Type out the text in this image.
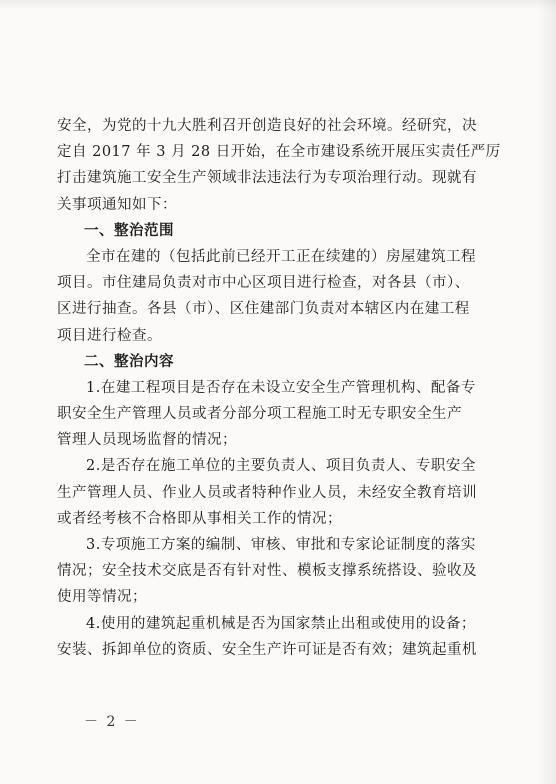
安全，为党的十九大胜利召开创造良好的社会环境。经研究，决
定自 2017 年 3 月 28 日开始，在全市建设系统开展压实责任严厉
打击建筑施工安全生产领域非法违法行为专项治理行动。现就有
关事项通知如下：
一、整治范围
全市在建的（包括此前已经开工正在续建的）房屋建筑工程
项目。市住建局负责对市中心区项目进行检查，对各县（市）、
区进行抽查。各县（市）、区住建部门负责对本辖区内在建工程
项目进行检查。
二、整治内容
1.在建工程项目是否存在未设立安全生产管理机构、配备专
职安全生产管理人员或者分部分项工程施工时无专职安全生产
管理人员现场监督的情况；
2.是否存在施工单位的主要负责人、项目负责人、专职安全
生产管理人员、作业人员或者特种作业人员，未经安全教育培训
或者经考核不合格即从事相关工作的情况；
3.专项施工方案的编制、审核、审批和专家论证制度的落实
情况；安全技术交底是否有针对性、模板支撑系统搭设、验收及
使用等情况；
4.使用的建筑起重机械是否为国家禁止出租或使用的设备；
安装、拆卸单位的资质、安全生产许可证是否有效；建筑起重机
－ 2 －
